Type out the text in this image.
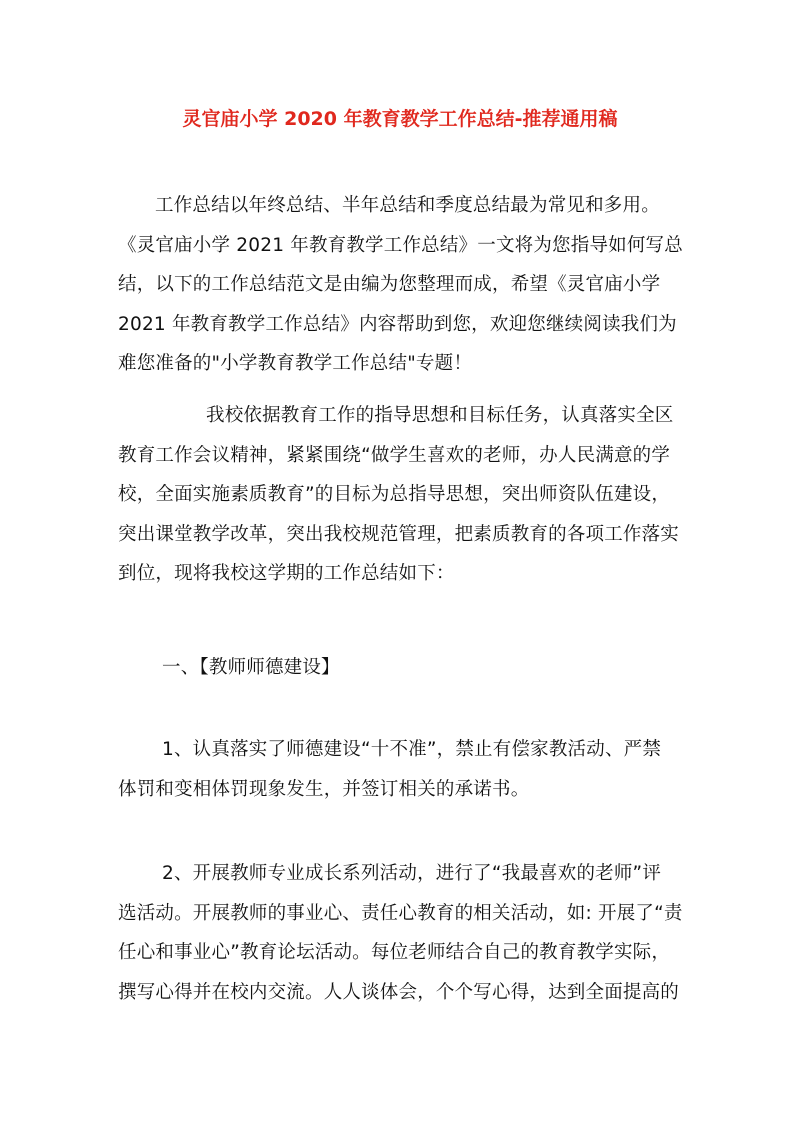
灵官庙小学 2020 年教育教学工作总结-推荐通用稿
工作总结以年终总结、半年总结和季度总结最为常见和多用。
《灵官庙小学 2021 年教育教学工作总结》一文将为您指导如何写总
结，以下的工作总结范文是由编为您整理而成，希望《灵官庙小学
2021 年教育教学工作总结》内容帮助到您，欢迎您继续阅读我们为
难您准备的"小学教育教学工作总结"专题！
我校依据教育工作的指导思想和目标任务，认真落实全区
教育工作会议精神，紧紧围绕“做学生喜欢的老师，办人民满意的学
校，全面实施素质教育”的目标为总指导思想，突出师资队伍建设，
突出课堂教学改革，突出我校规范管理，把素质教育的各项工作落实
到位，现将我校这学期的工作总结如下：
一、【教师师德建设】
1、认真落实了师德建设“十不准”，禁止有偿家教活动、严禁
体罚和变相体罚现象发生，并签订相关的承诺书。
2、开展教师专业成长系列活动，进行了“我最喜欢的老师”评
选活动。开展教师的事业心、责任心教育的相关活动，如: 开展了“责
任心和事业心”教育论坛活动。每位老师结合自己的教育教学实际，
撰写心得并在校内交流。人人谈体会，个个写心得，达到全面提高的
